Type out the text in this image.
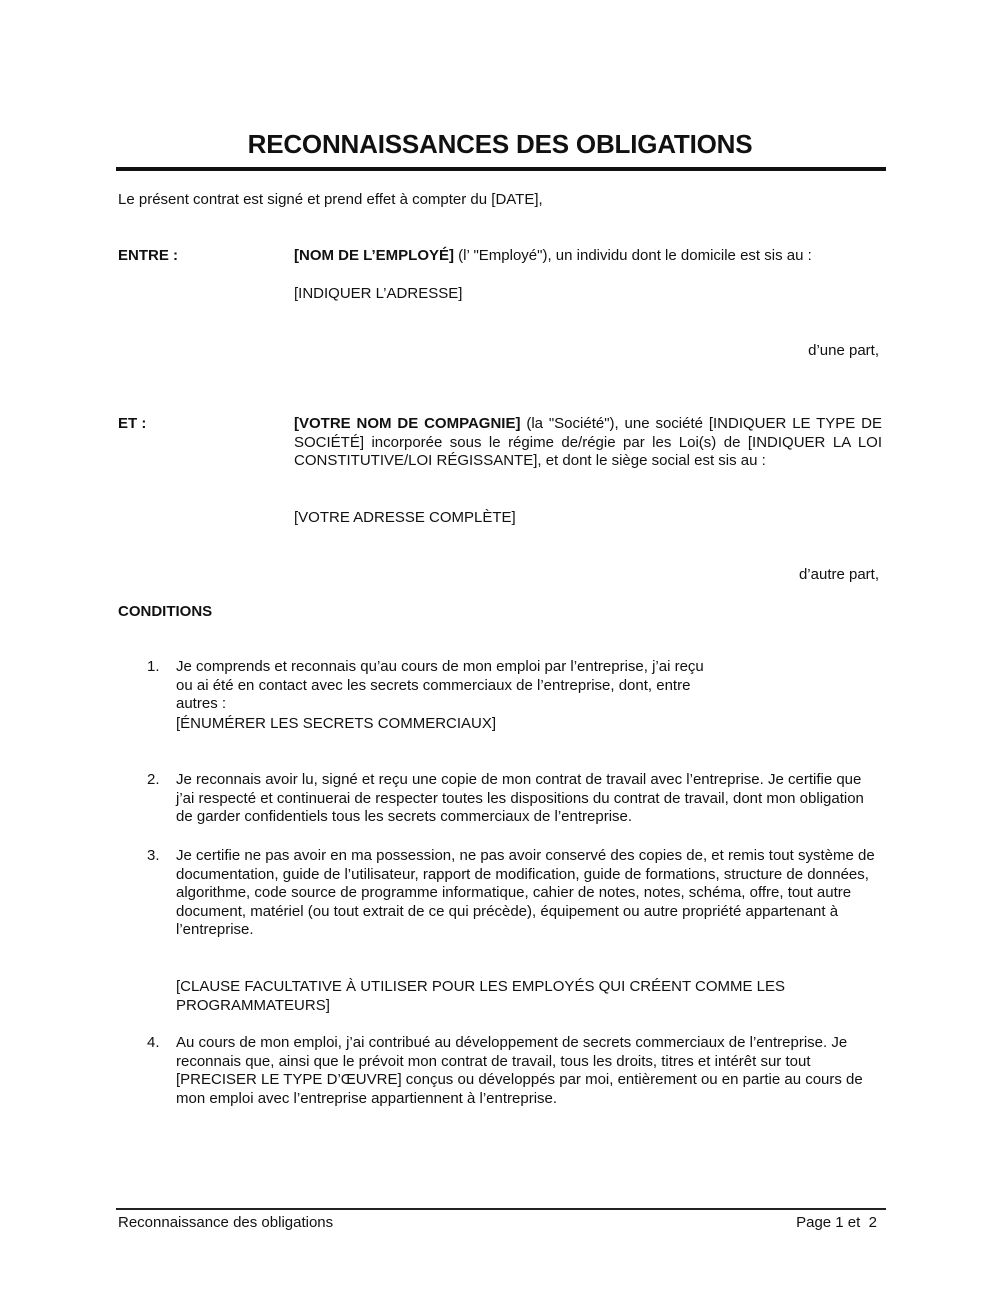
RECONNAISSANCES DES OBLIGATIONS
Le présent contrat est signé et prend effet à compter du [DATE],
ENTRE :	[NOM DE L’EMPLOYÉ] (l’ "Employé"), un individu dont le domicile est sis au :
[INDIQUER L’ADRESSE]
d’une part,
ET :	[VOTRE NOM DE COMPAGNIE] (la "Société"), une société [INDIQUER LE TYPE DE SOCIÉTÉ] incorporée sous le régime de/régie par les Loi(s) de [INDIQUER LA LOI CONSTITUTIVE/LOI RÉGISSANTE], et dont le siège social est sis au :
[VOTRE ADRESSE COMPLÈTE]
d’autre part,
CONDITIONS
1.	Je comprends et reconnais qu’au cours de mon emploi par l’entreprise, j’ai reçu ou ai été en contact avec les secrets commerciaux de l’entreprise, dont, entre autres :
[ÉNUMÉRER LES SECRETS COMMERCIAUX]
2.	Je reconnais avoir lu, signé et reçu une copie de mon contrat de travail avec l’entreprise. Je certifie que j’ai respecté et continuerai de respecter toutes les dispositions du contrat de travail, dont mon obligation de garder confidentiels tous les secrets commerciaux de l’entreprise.
3.	Je certifie ne pas avoir en ma possession, ne pas avoir conservé des copies de, et remis tout système de documentation, guide de l’utilisateur, rapport de modification, guide de formations, structure de données, algorithme, code source de programme informatique, cahier de notes, notes, schéma, offre, tout autre document, matériel (ou tout extrait de ce qui précède), équipement ou autre propriété appartenant à l’entreprise.
[CLAUSE FACULTATIVE À UTILISER POUR LES EMPLOYÉS QUI CRÉENT COMME LES PROGRAMMATEURS]
4.	Au cours de mon emploi, j’ai contribué au développement de secrets commerciaux de l’entreprise. Je reconnais que, ainsi que le prévoit mon contrat de travail, tous les droits, titres et intérêt sur tout [PRECISER LE TYPE D’ŒUVRE] conçus ou développés par moi, entièrement ou en partie au cours de mon emploi avec l’entreprise appartiennent à l’entreprise.
Reconnaissance des obligations	Page 1 et  2
